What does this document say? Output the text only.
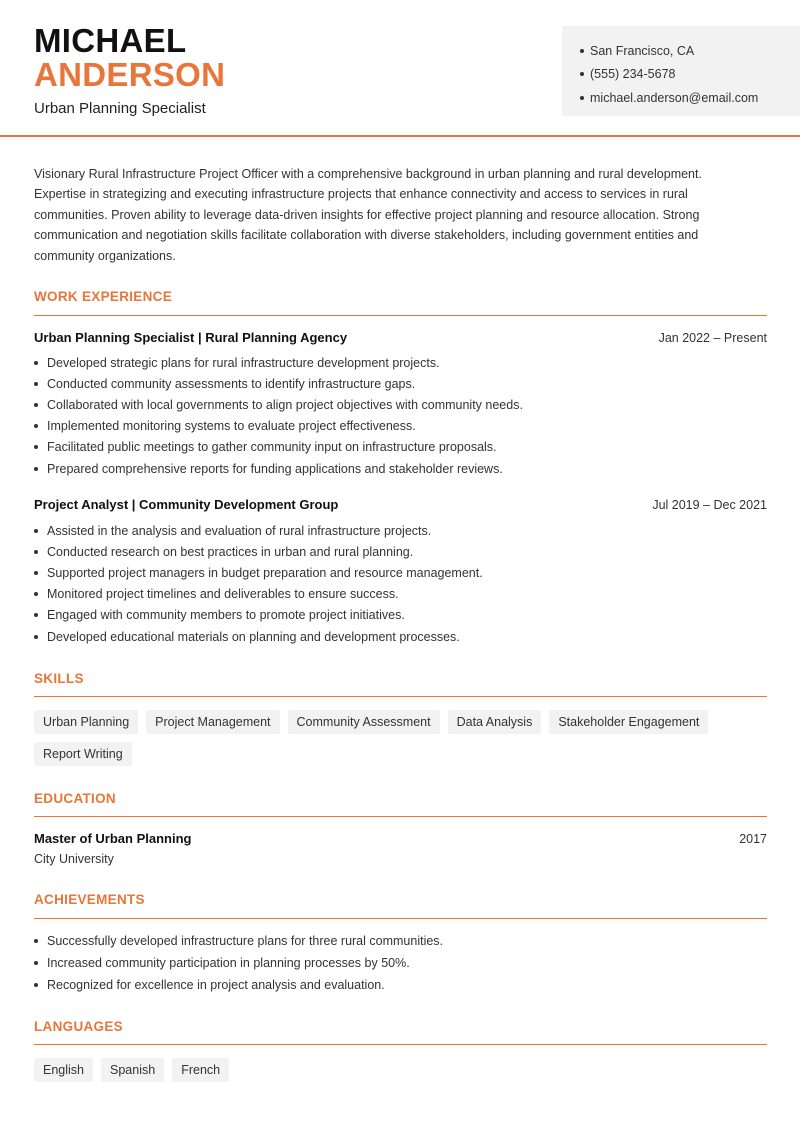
MICHAEL
ANDERSON
Urban Planning Specialist
San Francisco, CA
(555) 234-5678
michael.anderson@email.com

Visionary Rural Infrastructure Project Officer with a comprehensive background in urban planning and rural development. Expertise in strategizing and executing infrastructure projects that enhance connectivity and access to services in rural communities. Proven ability to leverage data-driven insights for effective project planning and resource allocation. Strong communication and negotiation skills facilitate collaboration with diverse stakeholders, including government entities and community organizations.

WORK EXPERIENCE
Urban Planning Specialist | Rural Planning Agency	Jan 2022 – Present
Developed strategic plans for rural infrastructure development projects.
Conducted community assessments to identify infrastructure gaps.
Collaborated with local governments to align project objectives with community needs.
Implemented monitoring systems to evaluate project effectiveness.
Facilitated public meetings to gather community input on infrastructure proposals.
Prepared comprehensive reports for funding applications and stakeholder reviews.
Project Analyst | Community Development Group	Jul 2019 – Dec 2021
Assisted in the analysis and evaluation of rural infrastructure projects.
Conducted research on best practices in urban and rural planning.
Supported project managers in budget preparation and resource management.
Monitored project timelines and deliverables to ensure success.
Engaged with community members to promote project initiatives.
Developed educational materials on planning and development processes.
SKILLS
Urban Planning	Project Management	Community Assessment	Data Analysis	Stakeholder Engagement
Report Writing
EDUCATION
Master of Urban Planning	2017
City University
ACHIEVEMENTS
Successfully developed infrastructure plans for three rural communities.
Increased community participation in planning processes by 50%.
Recognized for excellence in project analysis and evaluation.
LANGUAGES
English	Spanish	French
